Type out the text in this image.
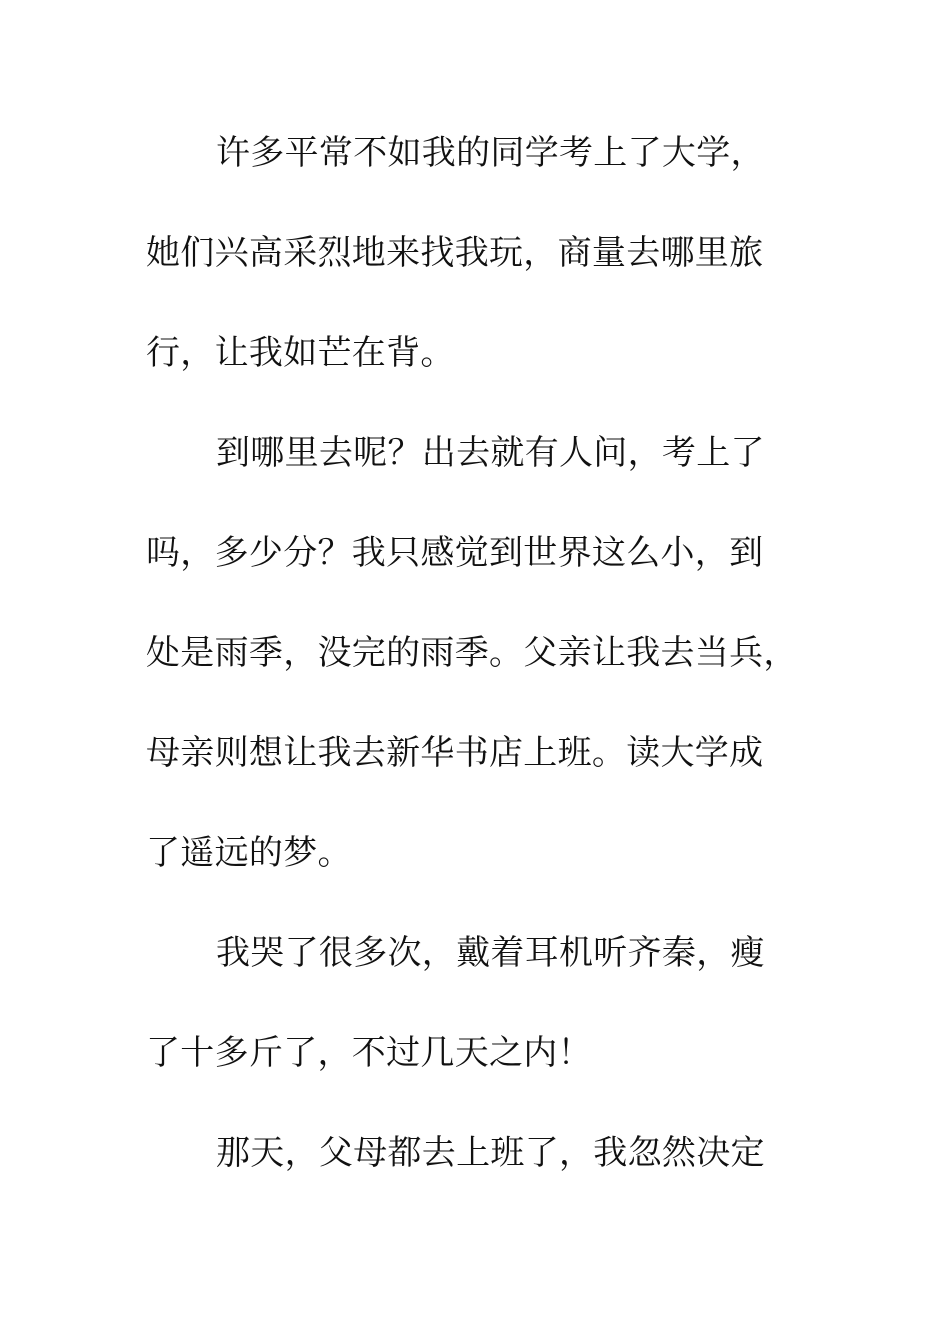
许多平常不如我的同学考上了大学，
她们兴高采烈地来找我玩，商量去哪里旅
行，让我如芒在背。
到哪里去呢？出去就有人问，考上了
吗，多少分？我只感觉到世界这么小，到
处是雨季，没完的雨季。父亲让我去当兵，
母亲则想让我去新华书店上班。读大学成
了遥远的梦。
我哭了很多次，戴着耳机听齐秦，瘦
了十多斤了，不过几天之内！
那天，父母都去上班了，我忽然决定
